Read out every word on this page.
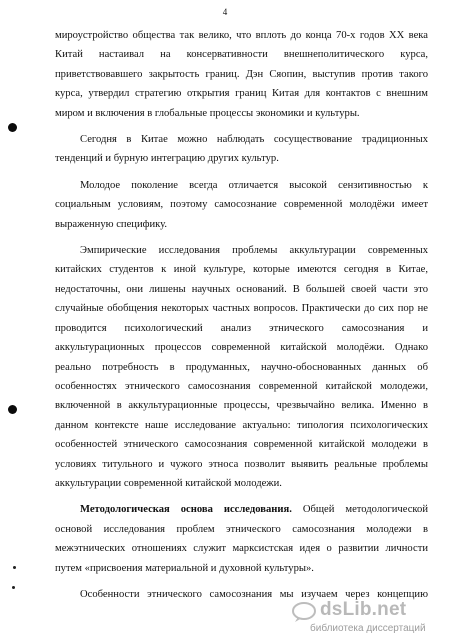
4
мироустройство общества так велико, что вплоть до конца 70-х годов XX века
Китай настаивал на консервативности внешнеполитического курса,
приветствовавшего закрытость границ. Дэн Сяопин, выступив против такого
курса, утвердил стратегию открытия границ Китая для контактов с внешним
миром и включения в глобальные процессы экономики и культуры.
Сегодня в Китае можно наблюдать сосуществование традиционных
тенденций и бурную интеграцию других культур.
Молодое поколение всегда отличается высокой сензитивностью к
социальным условиям, поэтому самосознание современной молодёжи имеет
выраженную специфику.
Эмпирические исследования проблемы аккультурации современных
китайских студентов к иной культуре, которые имеются сегодня в Китае,
недостаточны, они лишены научных оснований. В большей своей части это
случайные обобщения некоторых частных вопросов. Практически до сих пор не
проводится психологический анализ этнического самосознания и
аккультурационных процессов современной китайской молодёжи. Однако
реально потребность в продуманных, научно-обоснованных данных об
особенностях этнического самосознания современной китайской молодежи,
включенной в аккультурационные процессы, чрезвычайно велика. Именно в
данном контексте наше исследование актуально: типология психологических
особенностей этнического самосознания современной китайской молодежи в
условиях титульного и чужого этноса позволит выявить реальные проблемы
аккультурации современной китайской молодежи.
Методологическая основа исследования. Общей методологической
основой исследования проблем этнического самосознания молодежи в
межэтнических отношениях служит марксистская идея о развитии личности
путем «присвоения материальной и духовной культуры».
Особенности этнического самосознания мы изучаем через концепцию
dsLib.net
библиотека диссертаций
